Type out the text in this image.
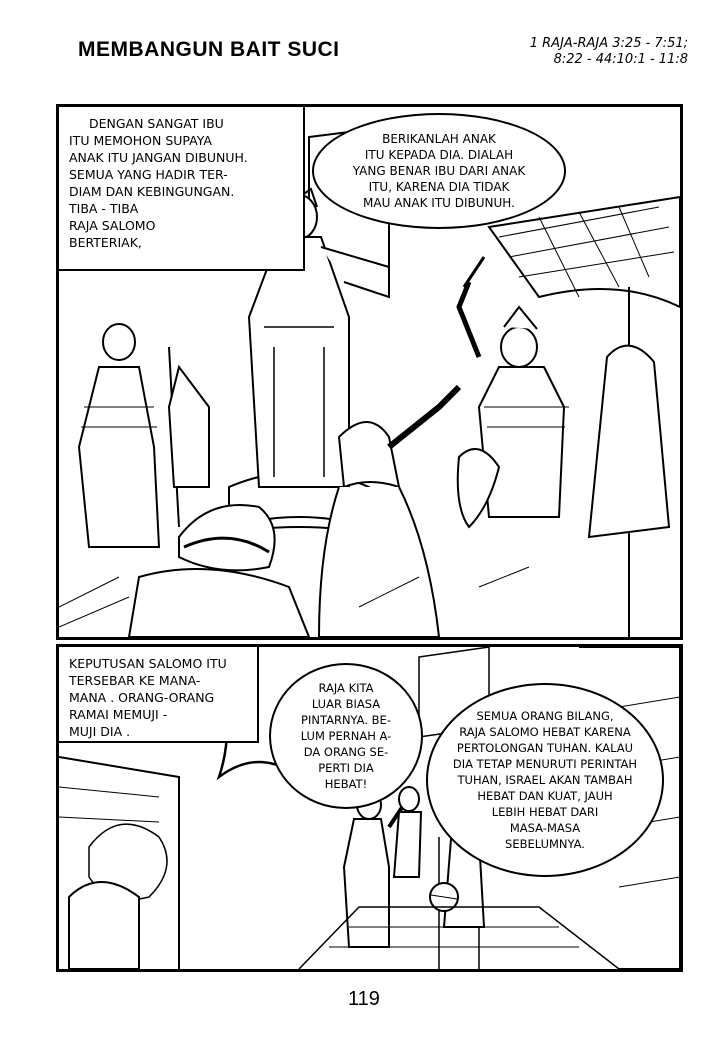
MEMBANGUN BAIT SUCI	1 RAJA-RAJA 3:25 - 7:51;
8:22 - 44:10:1 - 11:8
DENGAN SANGAT IBU
ITU MEMOHON SUPAYA
ANAK ITU JANGAN DIBUNUH.
SEMUA YANG HADIR TER-
DIAM DAN KEBINGUNGAN.
TIBA - TIBA
RAJA SALOMO
BERTERIAK,
BERIKANLAH ANAK
ITU KEPADA DIA. DIALAH
YANG BENAR IBU DARI ANAK
ITU, KARENA DIA TIDAK
MAU ANAK ITU DIBUNUH.
KEPUTUSAN SALOMO ITU
TERSEBAR KE MANA-
MANA . ORANG-ORANG
RAMAI MEMUJI -
MUJI DIA .
RAJA KITA
LUAR BIASA
PINTARNYA. BE-
LUM PERNAH A-
DA ORANG SE-
PERTI DIA
HEBAT!
SEMUA ORANG BILANG,
RAJA SALOMO HEBAT KARENA
PERTOLONGAN TUHAN. KALAU
DIA TETAP MENURUTI PERINTAH
TUHAN, ISRAEL AKAN TAMBAH
HEBAT DAN KUAT, JAUH
LEBIH HEBAT DARI
MASA-MASA
SEBELUMNYA.
119
